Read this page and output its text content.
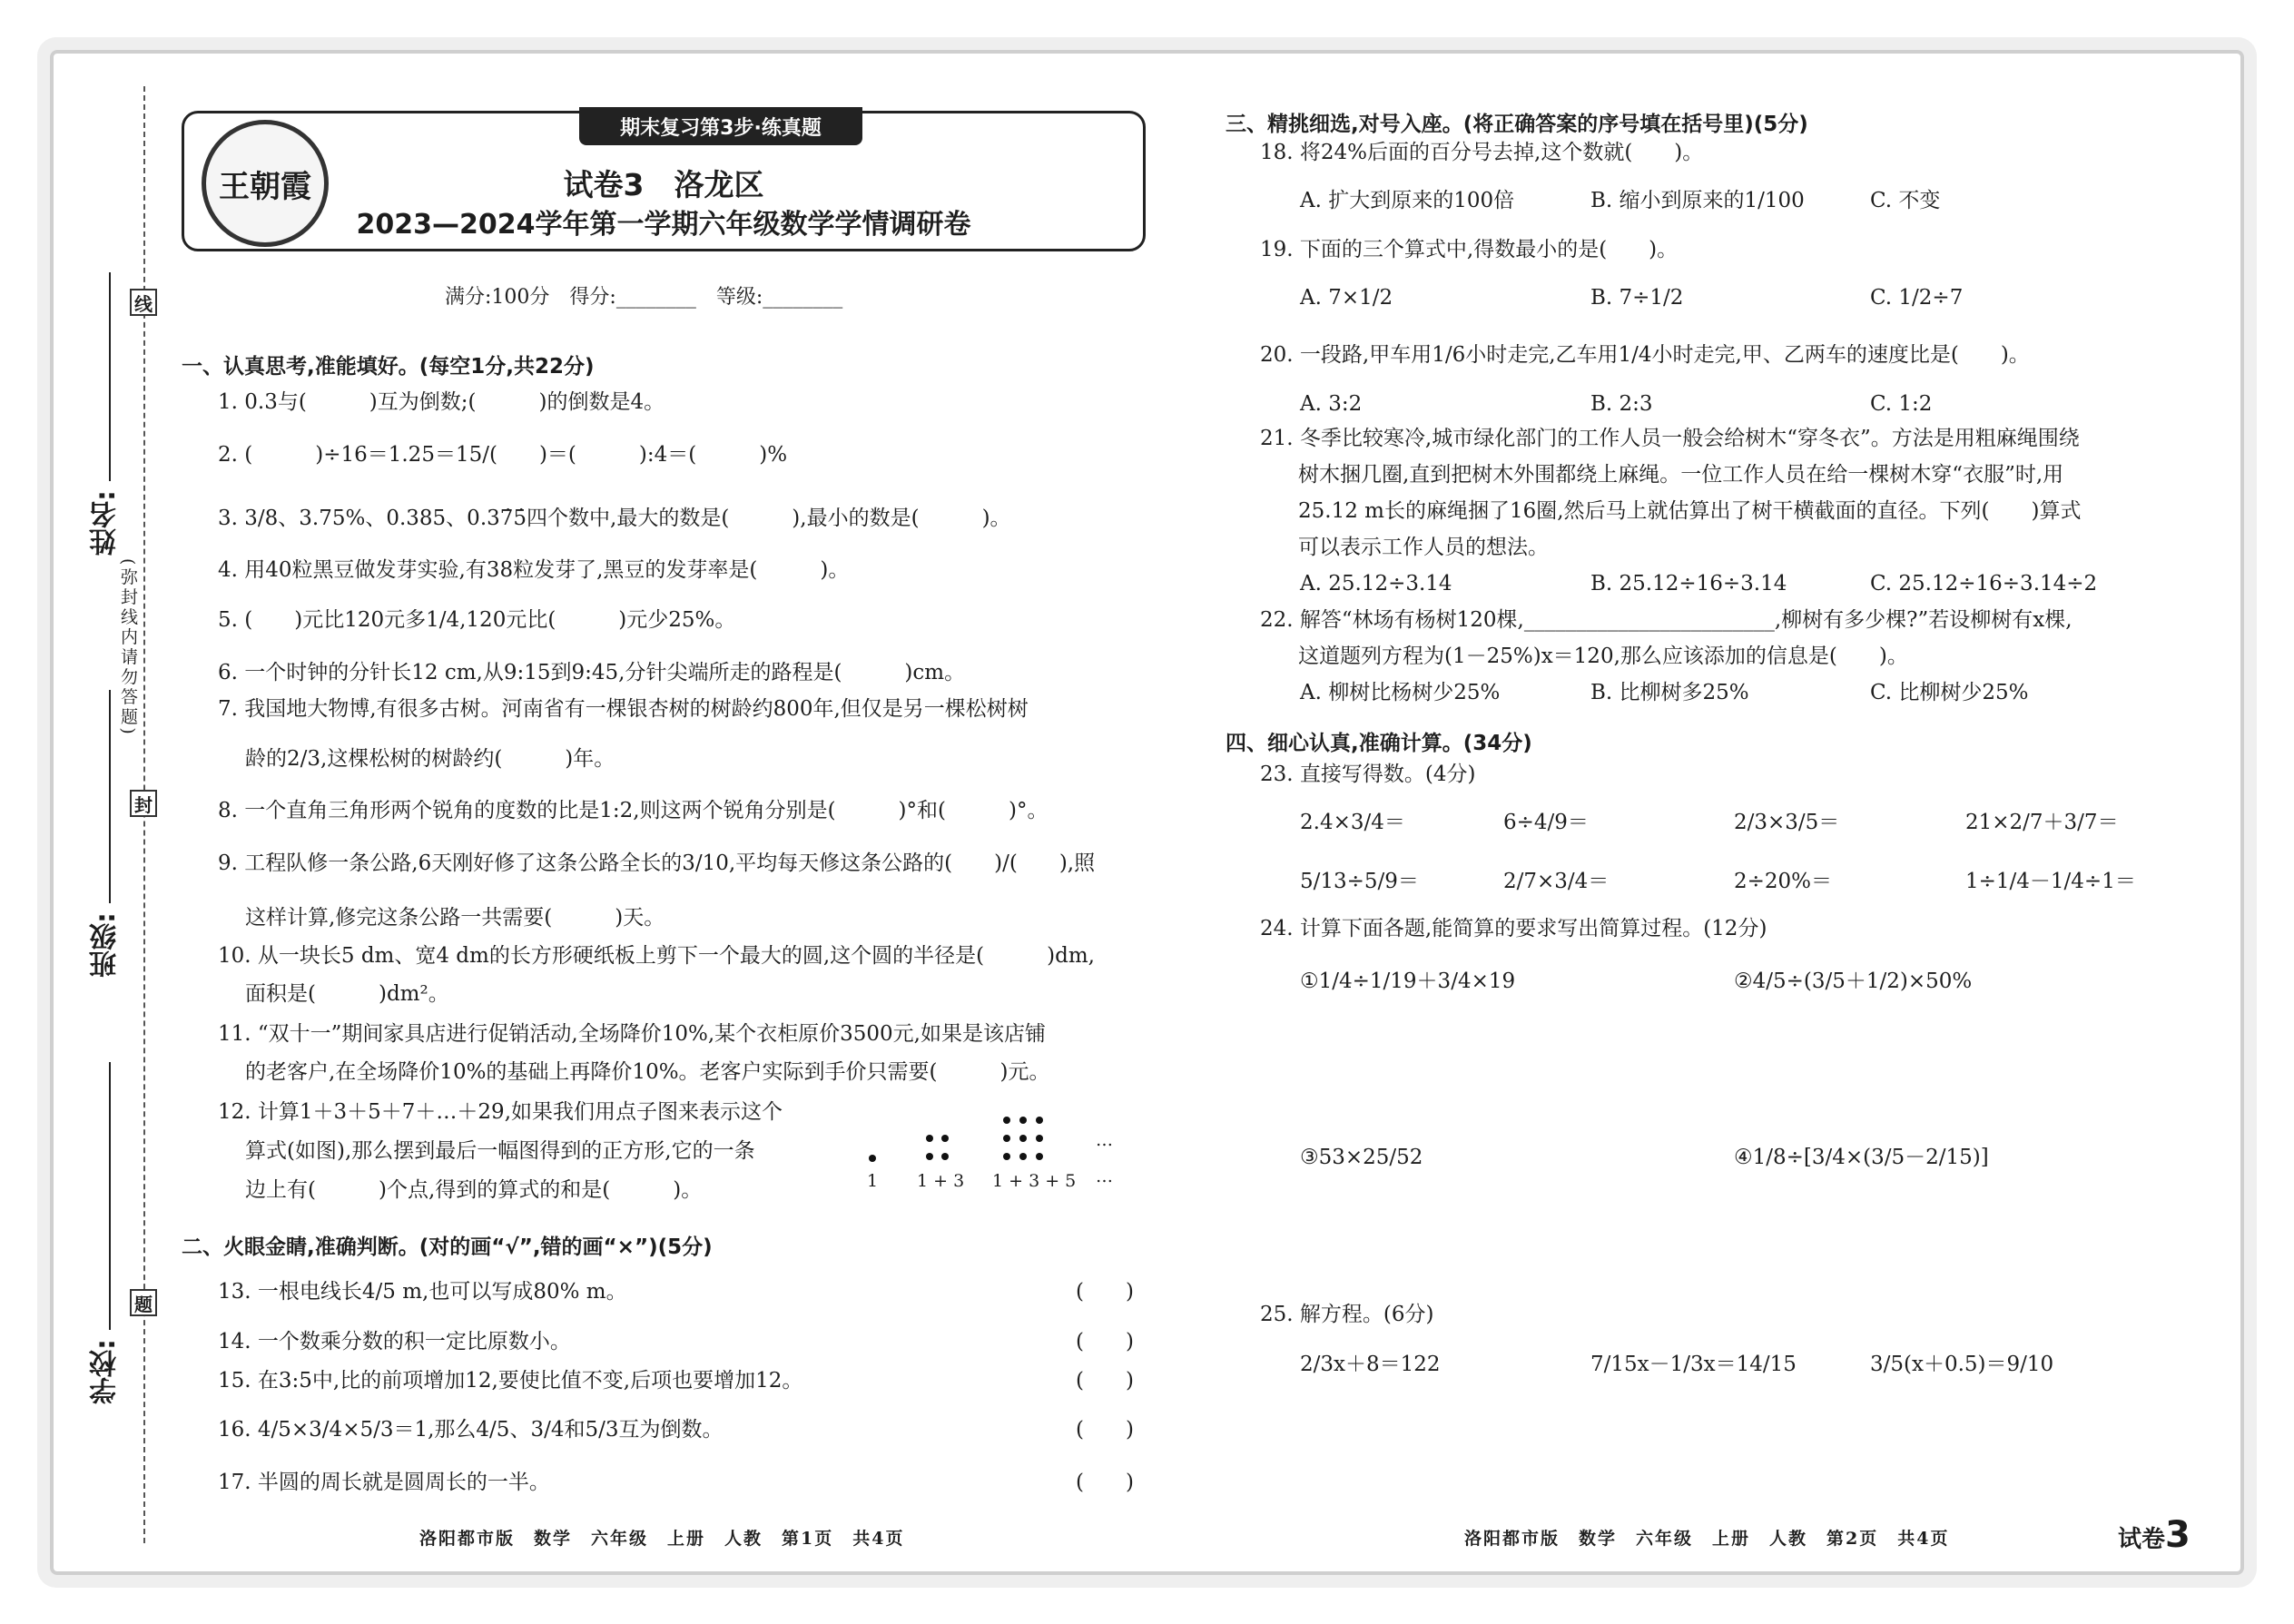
姓名:
班级:
学校:
线
封
题
(弥封线内请勿答题)
王朝霞
期末复习第3步·练真题
试卷3　洛龙区
2023—2024学年第一学期六年级数学学情调研卷
满分:100分　得分:________　等级:________
一、认真思考,准能填好。(每空1分,共22分)
1. 0.3与(　　　)互为倒数;(　　　)的倒数是4。
2. (　　　)÷16＝1.25＝15/(　　)＝(　　　):4＝(　　　)%
3. 3/8、3.75%、0.385、0.37̇5̇四个数中,最大的数是(　　　),最小的数是(　　　)。
4. 用40粒黑豆做发芽实验,有38粒发芽了,黑豆的发芽率是(　　　)。
5. (　　)元比120元多1/4,120元比(　　　)元少25%。
6. 一个时钟的分针长12 cm,从9:15到9:45,分针尖端所走的路程是(　　　)cm。
7. 我国地大物博,有很多古树。河南省有一棵银杏树的树龄约800年,但仅是另一棵松树树
龄的2/3,这棵松树的树龄约(　　　)年。
8. 一个直角三角形两个锐角的度数的比是1:2,则这两个锐角分别是(　　　)°和(　　　)°。
9. 工程队修一条公路,6天刚好修了这条公路全长的3/10,平均每天修这条公路的(　　)/(　　),照
这样计算,修完这条公路一共需要(　　　)天。
10. 从一块长5 dm、宽4 dm的长方形硬纸板上剪下一个最大的圆,这个圆的半径是(　　　)dm,
面积是(　　　)dm²。
11. “双十一”期间家具店进行促销活动,全场降价10%,某个衣柜原价3500元,如果是该店铺
的老客户,在全场降价10%的基础上再降价10%。老客户实际到手价只需要(　　　)元。
12. 计算1＋3＋5＋7＋…＋29,如果我们用点子图来表示这个
算式(如图),那么摆到最后一幅图得到的正方形,它的一条
边上有(　　　)个点,得到的算式的和是(　　　)。	1 1 + 3 1 + 3 + 5
…
…
二、火眼金睛,准确判断。(对的画“√”,错的画“×”)(5分)
13. 一根电线长4/5 m,也可以写成80% m。	(　　)
14. 一个数乘分数的积一定比原数小。	(　　)
15. 在3:5中,比的前项增加12,要使比值不变,后项也要增加12。	(　　)
16. 4/5×3/4×5/3＝1,那么4/5、3/4和5/3互为倒数。	(　　)
17. 半圆的周长就是圆周长的一半。	(　　)
洛阳都市版　数学　六年级　上册　人教　第1页　共4页
三、精挑细选,对号入座。(将正确答案的序号填在括号里)(5分)
18. 将24%后面的百分号去掉,这个数就(　　)。
A. 扩大到原来的100倍	B. 缩小到原来的1/100	C. 不变
19. 下面的三个算式中,得数最小的是(　　)。
A. 7×1/2	B. 7÷1/2	C. 1/2÷7
20. 一段路,甲车用1/6小时走完,乙车用1/4小时走完,甲、乙两车的速度比是(　　)。
A. 3:2	B. 2:3	C. 1:2
21. 冬季比较寒冷,城市绿化部门的工作人员一般会给树木“穿冬衣”。方法是用粗麻绳围绕
树木捆几圈,直到把树木外围都绕上麻绳。一位工作人员在给一棵树木穿“衣服”时,用
25.12 m长的麻绳捆了16圈,然后马上就估算出了树干横截面的直径。下列(　　)算式
可以表示工作人员的想法。
A. 25.12÷3.14	B. 25.12÷16÷3.14	C. 25.12÷16÷3.14÷2
22. 解答“林场有杨树120棵,________________________,柳树有多少棵?”若设柳树有x棵,
这道题列方程为(1－25%)x＝120,那么应该添加的信息是(　　)。
A. 柳树比杨树少25%	B. 比柳树多25%	C. 比柳树少25%
四、细心认真,准确计算。(34分)
23. 直接写得数。(4分)
2.4×3/4＝	6÷4/9＝	2/3×3/5＝	21×2/7＋3/7＝
5/13÷5/9＝	2/7×3/4＝	2÷20%＝	1÷1/4－1/4÷1＝
24. 计算下面各题,能简算的要求写出简算过程。(12分)
①1/4÷1/19＋3/4×19	②4/5÷(3/5＋1/2)×50%
③53×25/52	④1/8÷[3/4×(3/5－2/15)]
25. 解方程。(6分)
2/3x＋8＝122	7/15x－1/3x＝14/15	3/5(x＋0.5)＝9/10
洛阳都市版　数学　六年级　上册　人教　第2页　共4页	试卷3
